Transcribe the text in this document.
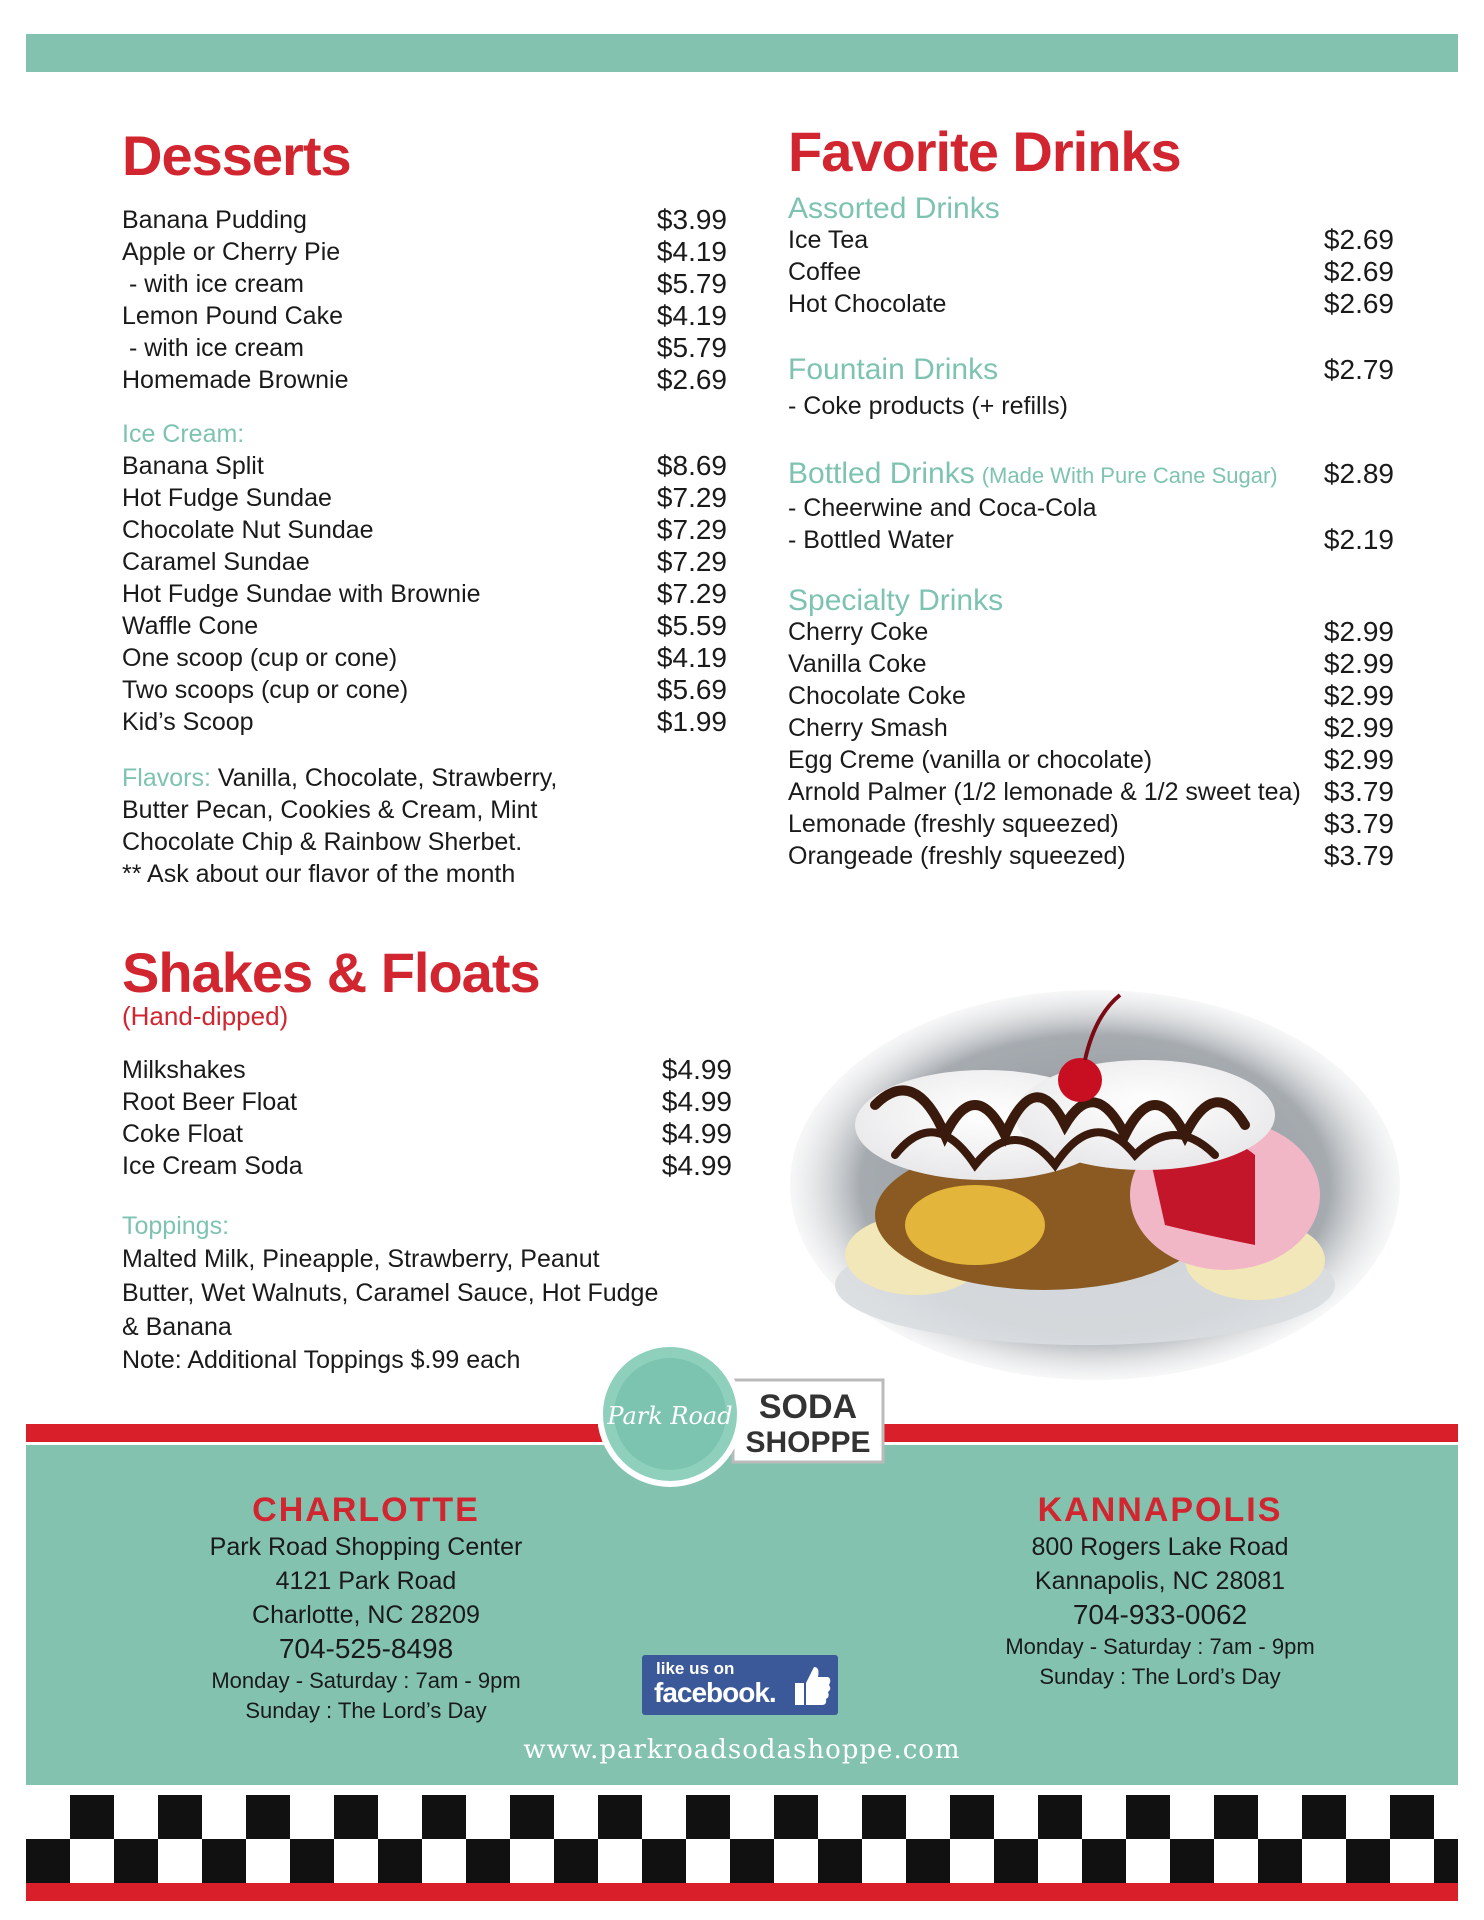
Desserts
Banana Pudding	$3.99
Apple or Cherry Pie	$4.19
- with ice cream	$5.79
Lemon Pound Cake	$4.19
- with ice cream	$5.79
Homemade Brownie	$2.69
Ice Cream:
Banana Split	$8.69
Hot Fudge Sundae	$7.29
Chocolate Nut Sundae	$7.29
Caramel Sundae	$7.29
Hot Fudge Sundae with Brownie	$7.29
Waffle Cone	$5.59
One scoop (cup or cone)	$4.19
Two scoops (cup or cone)	$5.69
Kid’s Scoop	$1.99

Flavors: Vanilla, Chocolate, Strawberry, Butter Pecan, Cookies & Cream, Mint Chocolate Chip & Rainbow Sherbet.

** Ask about our flavor of the month

Shakes & Floats
(Hand-dipped)
Milkshakes	$4.99
Root Beer Float	$4.99
Coke Float	$4.99
Ice Cream Soda	$4.99
Toppings:

Malted Milk, Pineapple, Strawberry, Peanut Butter, Wet Walnuts, Caramel Sauce, Hot Fudge & Banana

Note: Additional Toppings $.99 each

Favorite Drinks
Assorted Drinks
Ice Tea	$2.69
Coffee	$2.69
Hot Chocolate	$2.69
Fountain Drinks	$2.79
- Coke products (+ refills)
Bottled Drinks (Made With Pure Cane Sugar) $2.89
- Cheerwine and Coca-Cola
- Bottled Water	$2.19
Specialty Drinks
Cherry Coke	$2.99
Vanilla Coke	$2.99
Chocolate Coke	$2.99
Cherry Smash	$2.99
Egg Creme (vanilla or chocolate)	$2.99
Arnold Palmer (1/2 lemonade & 1/2 sweet tea) $3.79
Lemonade (freshly squeezed)	$3.79
Orangeade (freshly squeezed)	$3.79
SODA
SHOPPE
Park Road
CHARLOTTE
Park Road Shopping Center
4121 Park Road
Charlotte, NC 28209
704-525-8498
Monday - Saturday : 7am - 9pm
Sunday : The Lord’s Day
KANNAPOLIS
800 Rogers Lake Road
Kannapolis, NC 28081
704-933-0062
Monday - Saturday : 7am - 9pm
Sunday : The Lord’s Day
like us on
facebook.
www.parkroadsodashoppe.com
